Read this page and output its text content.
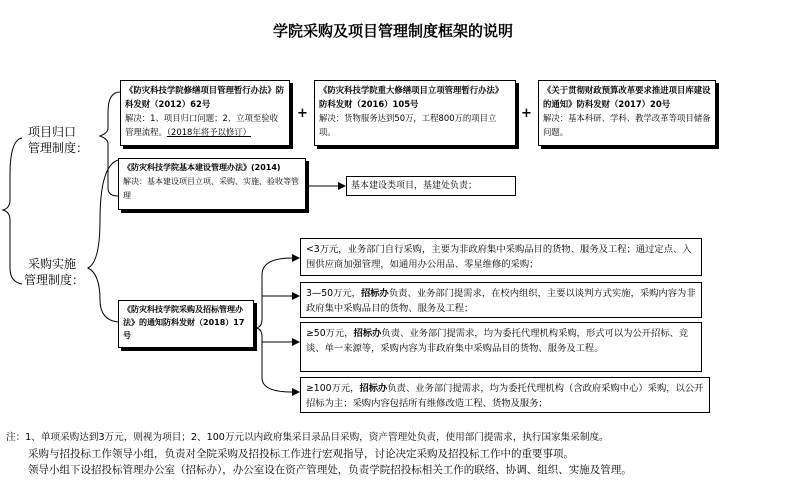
学院采购及项目管理制度框架的说明
项目归口
管理制度：
采购实施
管理制度：
《防灾科技学院修缮项目管理暂行办法》防科发财（2012）62号
解决：1、项目归口问题；2、立项至验收管理流程。（2018年将予以修订）
+
《防灾科技学院重大修缮项目立项管理暂行办法》防科发财（2016）105号
解决：货物服务达到50万，工程800万的项目立项。
+
《关于贯彻财政预算改革要求推进项目库建设的通知》防科发财（2017）20号
解决：基本科研、学科、教学改革等项目储备问题。
《防灾科技学院基本建设管理办法》(2014)
解决：基本建设项目立项、采购、实施、验收等管理
基本建设类项目，基建处负责；
《防灾科技学院采购及招标管理办法》的通知防科发财（2018）17号
<3万元，业务部门自行采购，主要为非政府集中采购品目的货物、服务及工程；通过定点、入围供应商加强管理，如通用办公用品、零星维修的采购；
3—50万元，招标办负责、业务部门提需求，在校内组织，主要以谈判方式实施，采购内容为非政府集中采购品目的货物、服务及工程；
≥50万元，招标办负责、业务部门提需求，均为委托代理机构采购，形式可以为公开招标、竞谈、单一来源等，采购内容为非政府集中采购品目的货物、服务及工程。
≥100万元，招标办负责、业务部门提需求，均为委托代理机构（含政府采购中心）采购，以公开招标为主；采购内容包括所有维修改造工程、货物及服务；
注：1、单项采购达到3万元，则视为项目；2、100万元以内政府集采目录品目采购，资产管理处负责，使用部门提需求，执行国家集采制度。
采购与招投标工作领导小组，负责对全院采购及招投标工作进行宏观指导，讨论决定采购及招投标工作中的重要事项。
领导小组下设招投标管理办公室（招标办），办公室设在资产管理处，负责学院招投标相关工作的联络、协调、组织、实施及管理。
